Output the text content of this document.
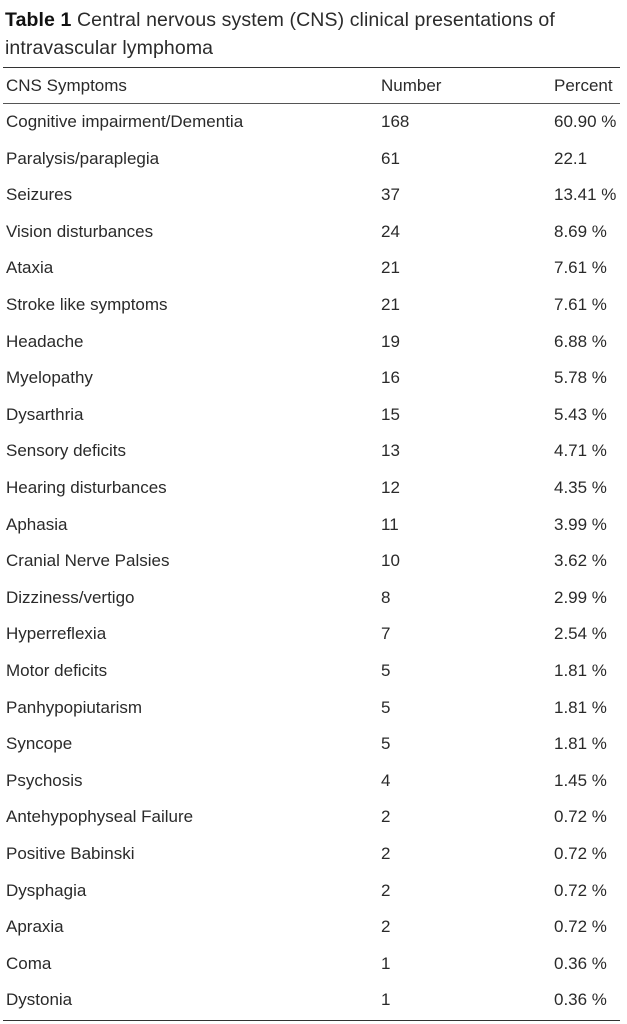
Table 1 Central nervous system (CNS) clinical presentations of intravascular lymphoma
CNS Symptoms	Number	Percent
Cognitive impairment/Dementia	168	60.90 %
Paralysis/paraplegia	61	22.1
Seizures	37	13.41 %
Vision disturbances	24	8.69 %
Ataxia	21	7.61 %
Stroke like symptoms	21	7.61 %
Headache	19	6.88 %
Myelopathy	16	5.78 %
Dysarthria	15	5.43 %
Sensory deficits	13	4.71 %
Hearing disturbances	12	4.35 %
Aphasia	11	3.99 %
Cranial Nerve Palsies	10	3.62 %
Dizziness/vertigo	8	2.99 %
Hyperreflexia	7	2.54 %
Motor deficits	5	1.81 %
Panhypopiutarism	5	1.81 %
Syncope	5	1.81 %
Psychosis	4	1.45 %
Antehypophyseal Failure	2	0.72 %
Positive Babinski	2	0.72 %
Dysphagia	2	0.72 %
Apraxia	2	0.72 %
Coma	1	0.36 %
Dystonia	1	0.36 %
